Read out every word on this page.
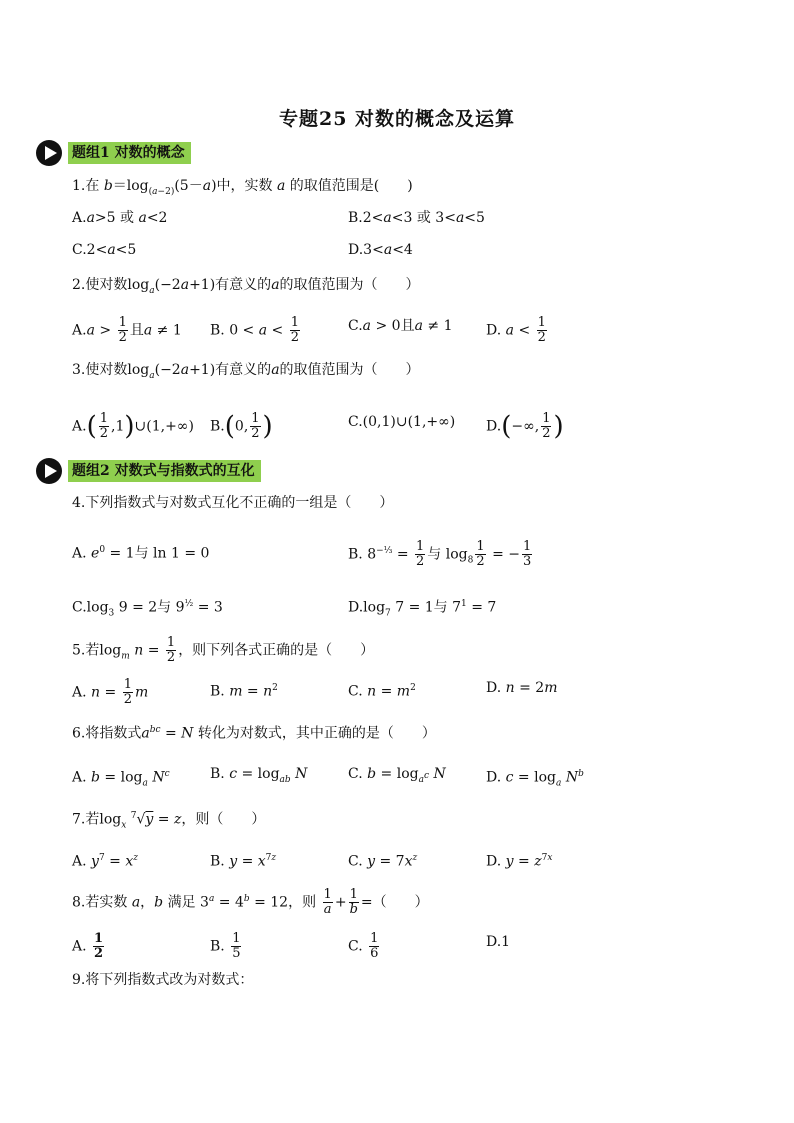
专题25 对数的概念及运算
题组1 对数的概念
1.在 $b=\log_{(a-2)}(5-a)$中，实数 a 的取值范围是(　　)
A.a>5 或 a<2	B.2<a<3 或 3<a<5
C.2<a<5	D.3<a<4
2.使对数$\log_a(-2a+1)$有意义的a的取值范围为（　　）
$A.a > \frac{1}{2}$ 且a ≠ 1 B. $0 < a < \frac{1}{2}$	C.a > 0且a ≠ 1 D. $a < \frac{1}{2}$
3.使对数$\log_a(-2a+1)$有意义的a的取值范围为（　　）
$A.( \frac{1}{2}$ ,1)∪(1,+∞) B.(0, $\frac{1}{2}$ )	C.(0,1)∪(1,+∞) D.(−∞, $\frac{1}{2}$ )
题组2 对数式与指数式的互化
4.下列指数式与对数式互化不正确的一组是（　　）
A. $e^0 = 1$与 ln 1 = 0	B. $8^{-\frac{1}{3}} = \frac{1}{2}$ 与 $\log_8 \frac{1}{2}$ = − $\frac{1}{3}$
$C.\log_3$ 9 = 2与 $9^{\frac{1}{2}} = 3$	$D.\log_7$ 7 = 1与 $7^1 = 7$
5.若$\log_m n = \frac{1}{2}$ ，则下列各式正确的是（　　）
A. $n = \frac{1}{2}$ m	B. $m = n^2$	C. $n = m^2$	D. n = 2m
6.将指数式$a^{bc} = N$ 转化为对数式，其中正确的是（　　）
A. $b = \log_a N^c$	B. $c = \log_{ab} N$	C. $b = \log_{a^c} N$	D. $c = \log_a N^b$
7.若$\log_x ^7√y = z$，则（　　）
A. $y^7 = x^z$	B. $y = x^{7z}$	C. $y = 7x^z$	D. $y = z^{7x}$
8.若实数 a，b 满足 $3^a = 4^b = 12$，则 $\frac{1}{a} + \frac{1}{b}$ =（　　）
A. $\frac{1}{2}$	B. $\frac{1}{5}$	C. $\frac{1}{6}$	D.1
9.将下列指数式改为对数式：
